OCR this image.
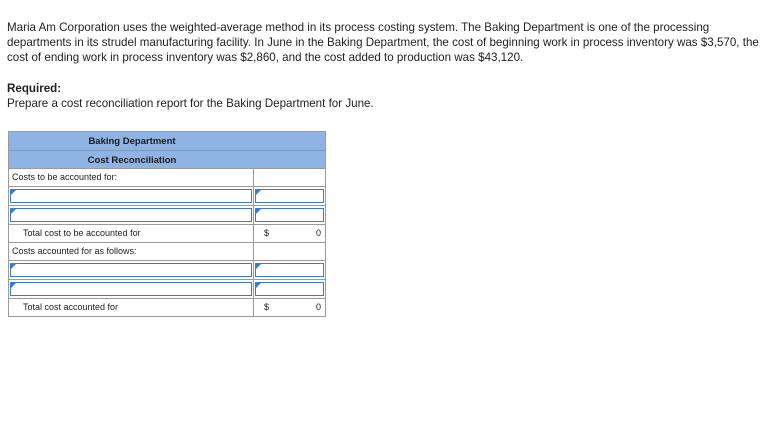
Maria Am Corporation uses the weighted-average method in its process costing system. The Baking Department is one of the processing departments in its strudel manufacturing facility. In June in the Baking Department, the cost of beginning work in process inventory was $3,570, the cost of ending work in process inventory was $2,860, and the cost added to production was $43,120.
Required:
Prepare a cost reconciliation report for the Baking Department for June.
Baking Department
Cost Reconciliation
Costs to be accounted for:
Total cost to be accounted for	$	0
Costs accounted for as follows:
Total cost accounted for	$	0
